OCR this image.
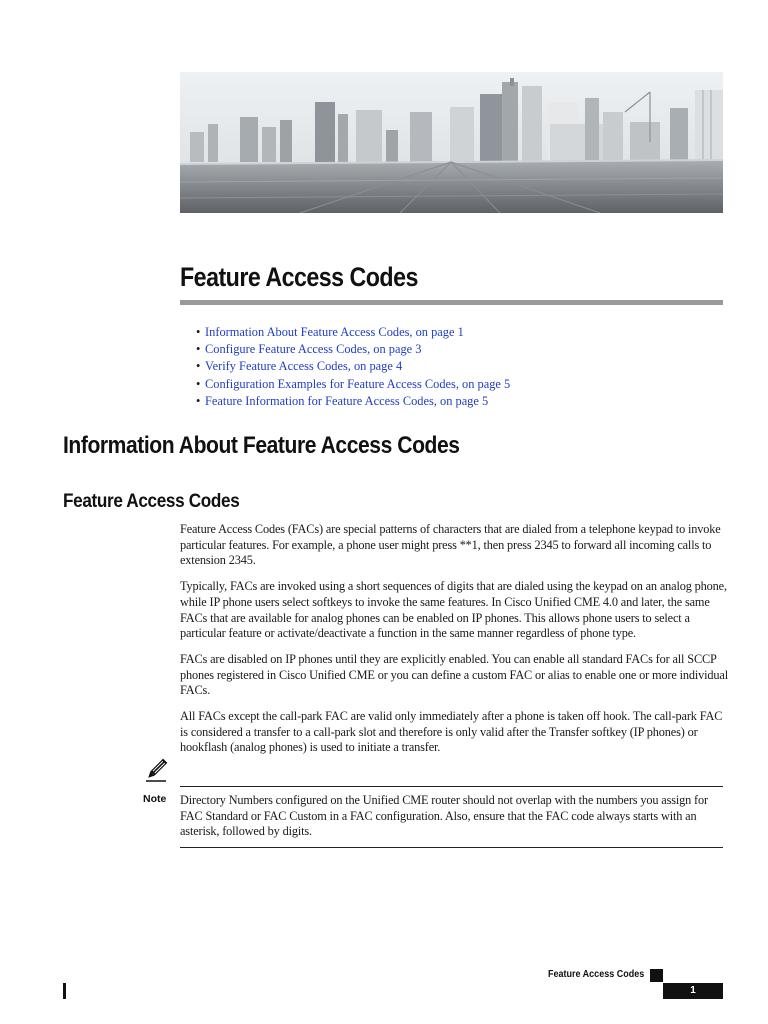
Feature Access Codes
• Information About Feature Access Codes, on page 1
• Configure Feature Access Codes, on page 3
• Verify Feature Access Codes, on page 4
• Configuration Examples for Feature Access Codes, on page 5
• Feature Information for Feature Access Codes, on page 5
Information About Feature Access Codes
Feature Access Codes

Feature Access Codes (FACs) are special patterns of characters that are dialed from a telephone keypad to invoke particular features. For example, a phone user might press **1, then press 2345 to forward all incoming calls to extension 2345.

Typically, FACs are invoked using a short sequences of digits that are dialed using the keypad on an analog phone, while IP phone users select softkeys to invoke the same features. In Cisco Unified CME 4.0 and later, the same FACs that are available for analog phones can be enabled on IP phones. This allows phone users to select a particular feature or activate/deactivate a function in the same manner regardless of phone type.

FACs are disabled on IP phones until they are explicitly enabled. You can enable all standard FACs for all SCCP phones registered in Cisco Unified CME or you can define a custom FAC or alias to enable one or more individual FACs.

All FACs except the call-park FAC are valid only immediately after a phone is taken off hook. The call-park FAC is considered a transfer to a call-park slot and therefore is only valid after the Transfer softkey (IP phones) or hookflash (analog phones) is used to initiate a transfer.

Note Directory Numbers configured on the Unified CME router should not overlap with the numbers you assign for FAC Standard or FAC Custom in a FAC configuration. Also, ensure that the FAC code always starts with an asterisk, followed by digits.

Feature Access Codes
1
